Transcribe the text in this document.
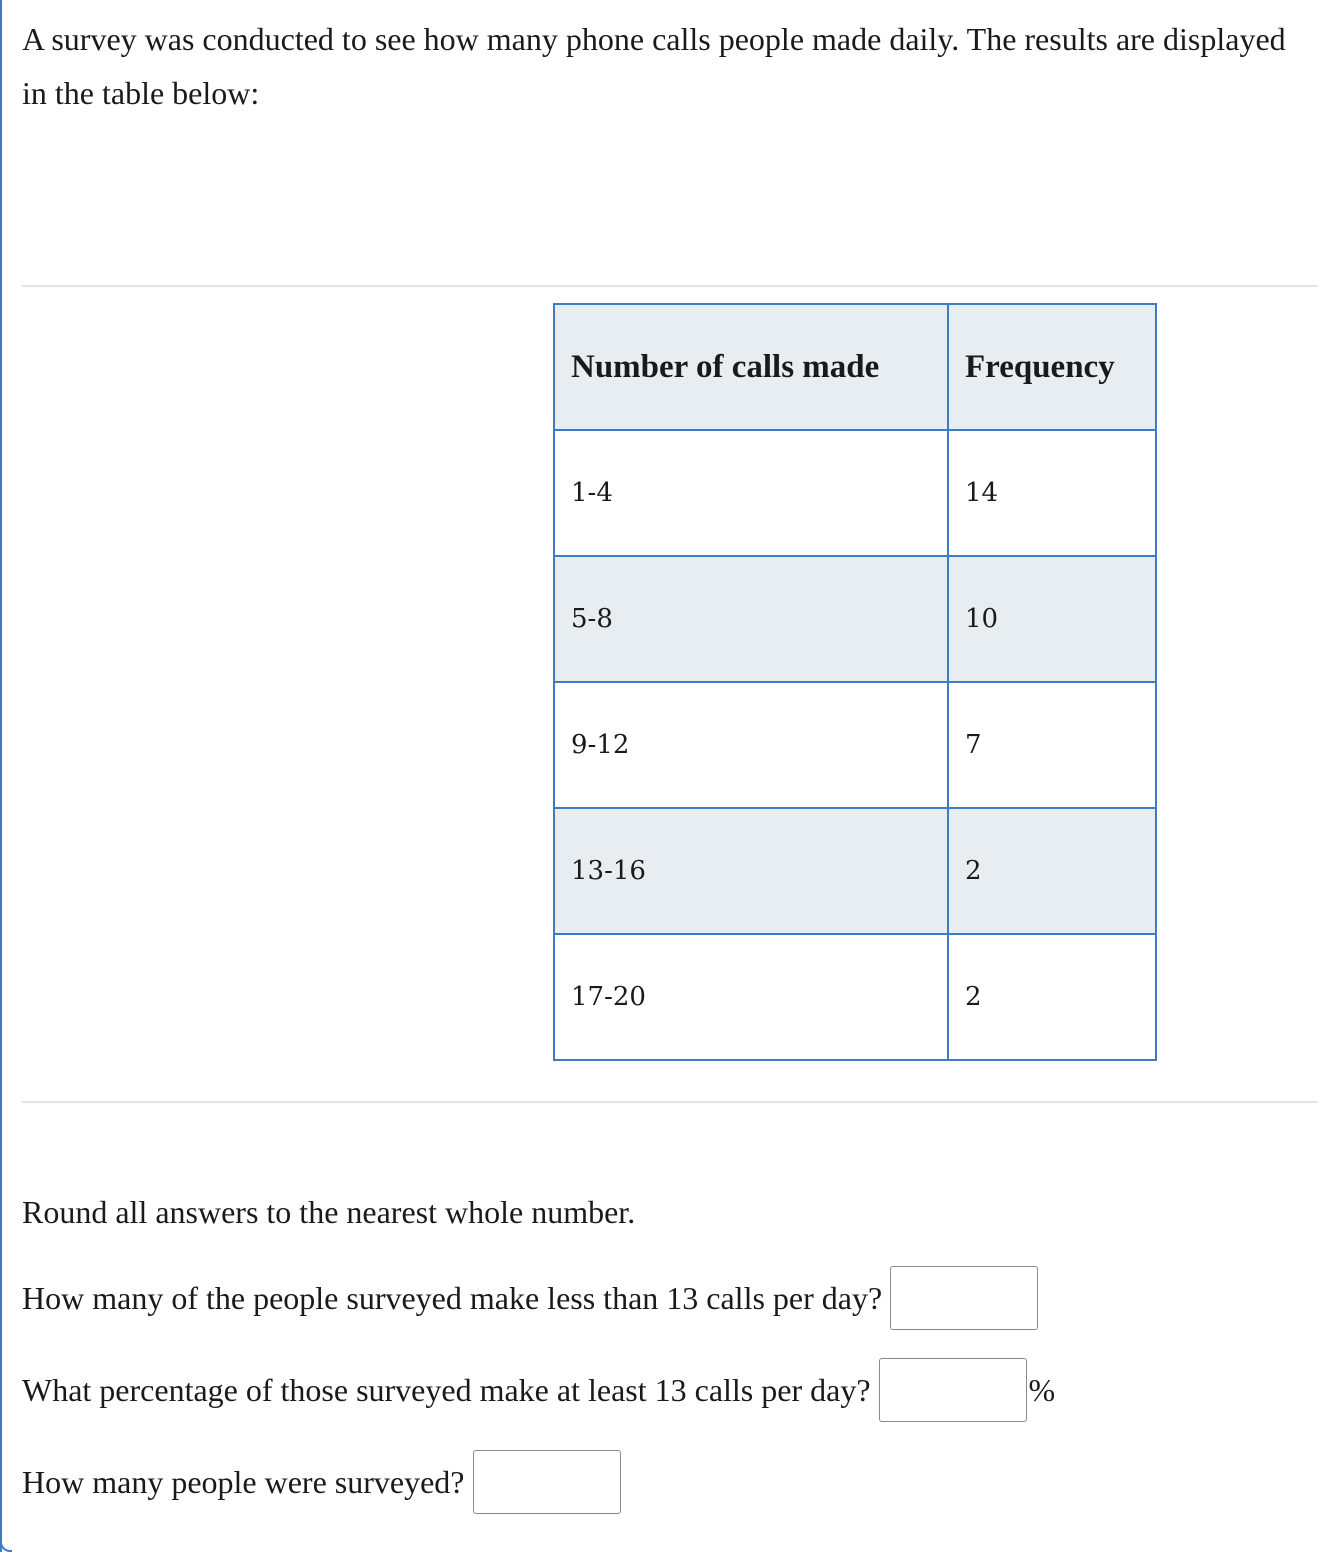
A survey was conducted to see how many phone calls people made daily. The results are displayed in the table below:

Number of calls made	Frequency
1-4	14
5-8	10
9-12	7
13-16	2
17-20	2
Round all answers to the nearest whole number.
How many of the people surveyed make less than 13 calls per day?
What percentage of those surveyed make at least 13 calls per day?	%
How many people were surveyed?
